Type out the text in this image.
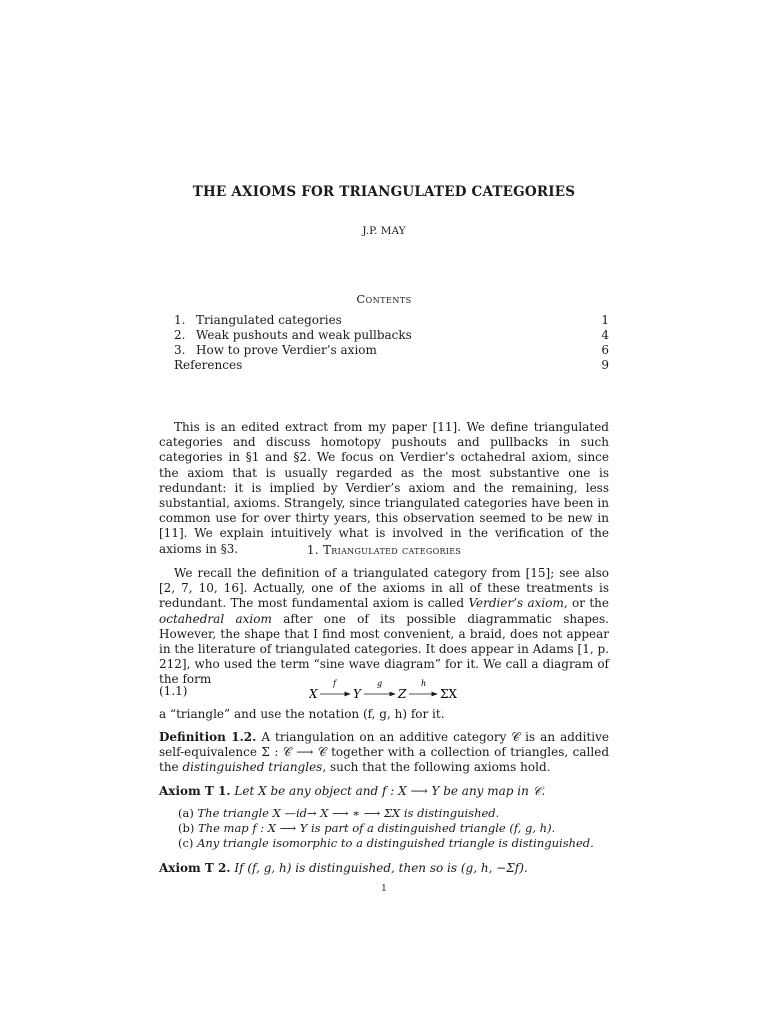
THE AXIOMS FOR TRIANGULATED CATEGORIES
J.P. MAY
Contents
1. Triangulated categories	1
2. Weak pushouts and weak pullbacks	4
3. How to prove Verdier’s axiom	6
References	9

This is an edited extract from my paper [11]. We define triangulated categories and discuss homotopy pushouts and pullbacks in such categories in §1 and §2. We focus on Verdier’s octahedral axiom, since the axiom that is usually regarded as the most substantive one is redundant: it is implied by Verdier’s axiom and the remaining, less substantial, axioms. Strangely, since triangulated categories have been in common use for over thirty years, this observation seemed to be new in [11]. We explain intuitively what is involved in the verification of the axioms in §3.	1. Triangulated categories

We recall the definition of a triangulated category from [15]; see also [2, 7, 10, 16]. Actually, one of the axioms in all of these treatments is redundant. The most fundamental axiom is called Verdier’s axiom, or the octahedral axiom after one of its possible diagrammatic shapes. However, the shape that I find most convenient, a braid, does not appear in the literature of triangulated categories. It does appear in Adams [1, p. 212], who used the term “sine wave diagram” for it. We call a diagram of the form

(1.1)	X
f
Y
g
Z
h
ΣX
a “triangle” and use the notation (f, g, h) for it.
Definition 1.2. A triangulation on an additive category 𝒞 is an additive self-equivalence Σ : 𝒞 ⟶ 𝒞 together with a collection of triangles, called the distinguished triangles, such that the following axioms hold.
Axiom T 1. Let X be any object and f : X ⟶ Y be any map in 𝒞.
(a) The triangle X —id→ X ⟶ ∗ ⟶ ΣX is distinguished.
(b) The map f : X ⟶ Y is part of a distinguished triangle (f, g, h).
(c) Any triangle isomorphic to a distinguished triangle is distinguished.
Axiom T 2. If (f, g, h) is distinguished, then so is (g, h, −Σf).
1
